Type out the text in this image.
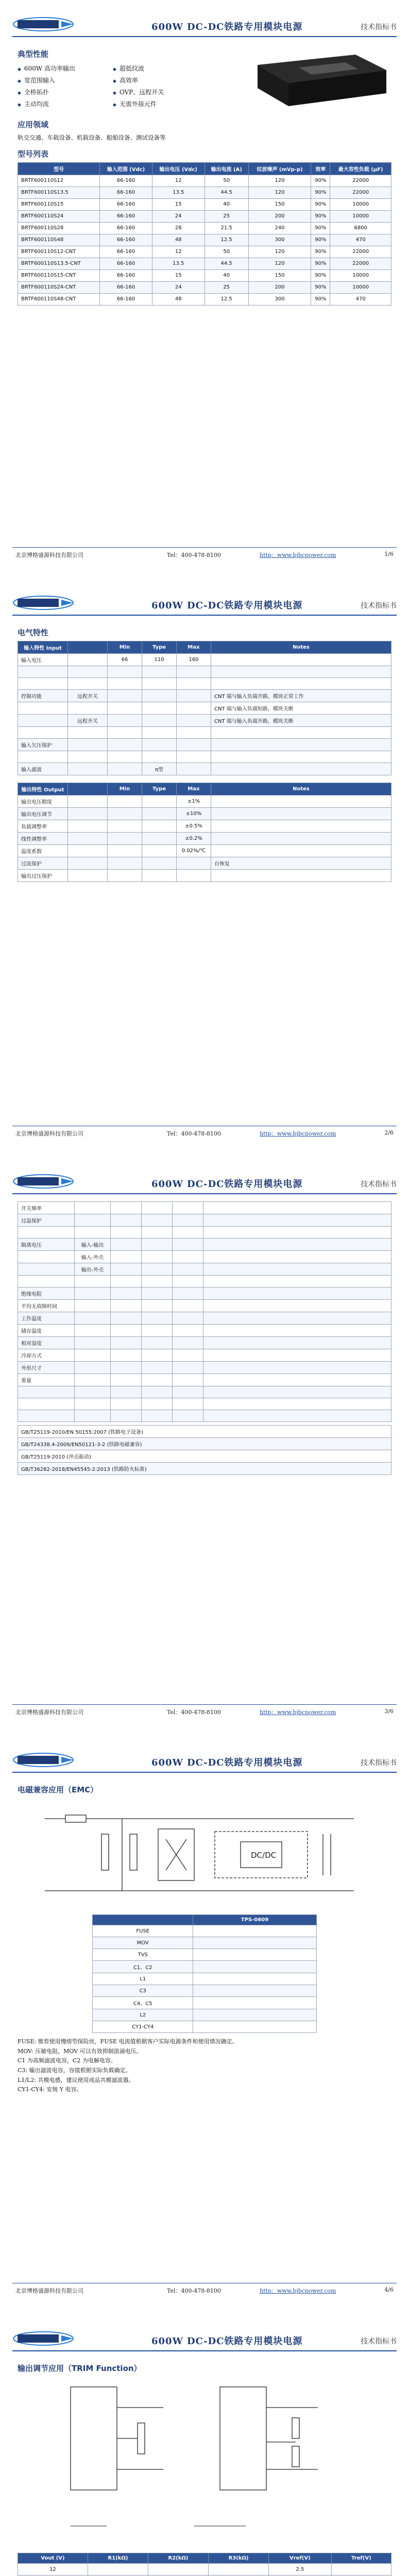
600W DC-DC铁路专用模块电源	技术指标书
典型性能
◆ 600W 高功率输出	◆ 超低纹波
◆ 宽范围输入	◆ 高效率
◆ 全桥拓扑	◆ OVP、远程开关
◆ 主动均流	◆ 无需外接元件
应用领域

轨交交通、车载设备、机载设备、船舶设备、测试设备等

型号列表
型号	输入范围 (Vdc)	输出电压 (Vdc)	输出电流 (A)	纹波噪声 (mVp-p)	效率	最大容性负载 (μF)
BRTF600110S12	66-160	12	50	120	90%	22000
BRTF600110S13.5	66-160	13.5	44.5	120	90%	22000
BRTF600110S15	66-160	15	40	150	90%	10000
BRTF600110S24	66-160	24	25	200	90%	10000
BRTF600110S28	66-160	28	21.5	240	90%	6800
BRTF600110S48	66-160	48	12.5	300	90%	470
BRTF600110S12-CNT	66-160	12	50	120	90%	22000
BRTF600110S13.5-CNT	66-160	13.5	44.5	120	90%	22000
BRTF600110S15-CNT	66-160	15	40	150	90%	10000
BRTF600110S24-CNT	66-160	24	25	200	90%	10000
BRTF600110S48-CNT	66-160	48	12.5	300	90%	470
北京博格盛源科技有限公司	Tel：400-478-8100	http：www.bjbcpower.com	1/6
600W DC-DC铁路专用模块电源	技术指标书
电气特性
输入特性 Input		Min	Type	Max	Notes
输入电压		66	110	160	

控制功能	远程开关				CNT 端与输入负端开路，模块正常工作
					CNT 端与输入负端短路，模块关断
	远程开关				CNT 端与输入负端开路，模块关断

输入欠压保护					

输入滤波			π型		
输出特性 Output		Min	Type	Max	Notes
输出电压精度				±1%	
输出电压调节				±10%	
负载调整率				±0.5%	
线性调整率				±0.2%	
温度系数				0.02%/℃	
过流保护					自恢复
输出过压保护					
北京博格盛源科技有限公司	Tel：400-478-8100	http：www.bjbcpower.com	2/6
600W DC-DC铁路专用模块电源	技术指标书
开关频率					
过温保护					

隔离电压	输入-输出				
	输入-外壳				
	输出-外壳				

绝缘电阻					
平均无故障时间					
工作温度					
储存温度					
相对湿度					
冷却方式					
外形尺寸					
重量					

GB/T25119-2010/EN 50155:2007 (铁路电子设备)
GB/T24338.4-2009/EN50121-3-2 (铁路电磁兼容)
GB/T25119-2010 (冲击振动)
GB/T36282-2018/EN45545-2:2013 (铁路防火标准)
北京博格盛源科技有限公司	Tel：400-478-8100	http：www.bjbcpower.com	3/6
600W DC-DC铁路专用模块电源	技术指标书
电磁兼容应用（EMC）
DC/DC
	TPS-0609
FUSE	
MOV	
TVS	
C1、C2	
L1	
C3	
C4、C5	
L2	
CY1-CY4	
FUSE: 推荐使用慢熔型保险丝，FUSE 电流值根据客户实际电源条件和使用情况确定。
MOV: 压敏电阻，MOV 可以有效抑制浪涌电压。
C1 为高频滤波电容，C2 为电解电容。
C3: 输出滤波电容，容值根据实际负载确定。
L1/L2: 共模电感，建议使用成品共模滤波器。
CY1-CY4: 安规 Y 电容。
北京博格盛源科技有限公司	Tel：400-478-8100	http：www.bjbcpower.com	4/6
600W DC-DC铁路专用模块电源	技术指标书
输出调节应用（TRIM Function）
Vout (V)	R1(kΩ)	R2(kΩ)	R3(kΩ)	Vref(V)	Tref(V)
12				2.5	
